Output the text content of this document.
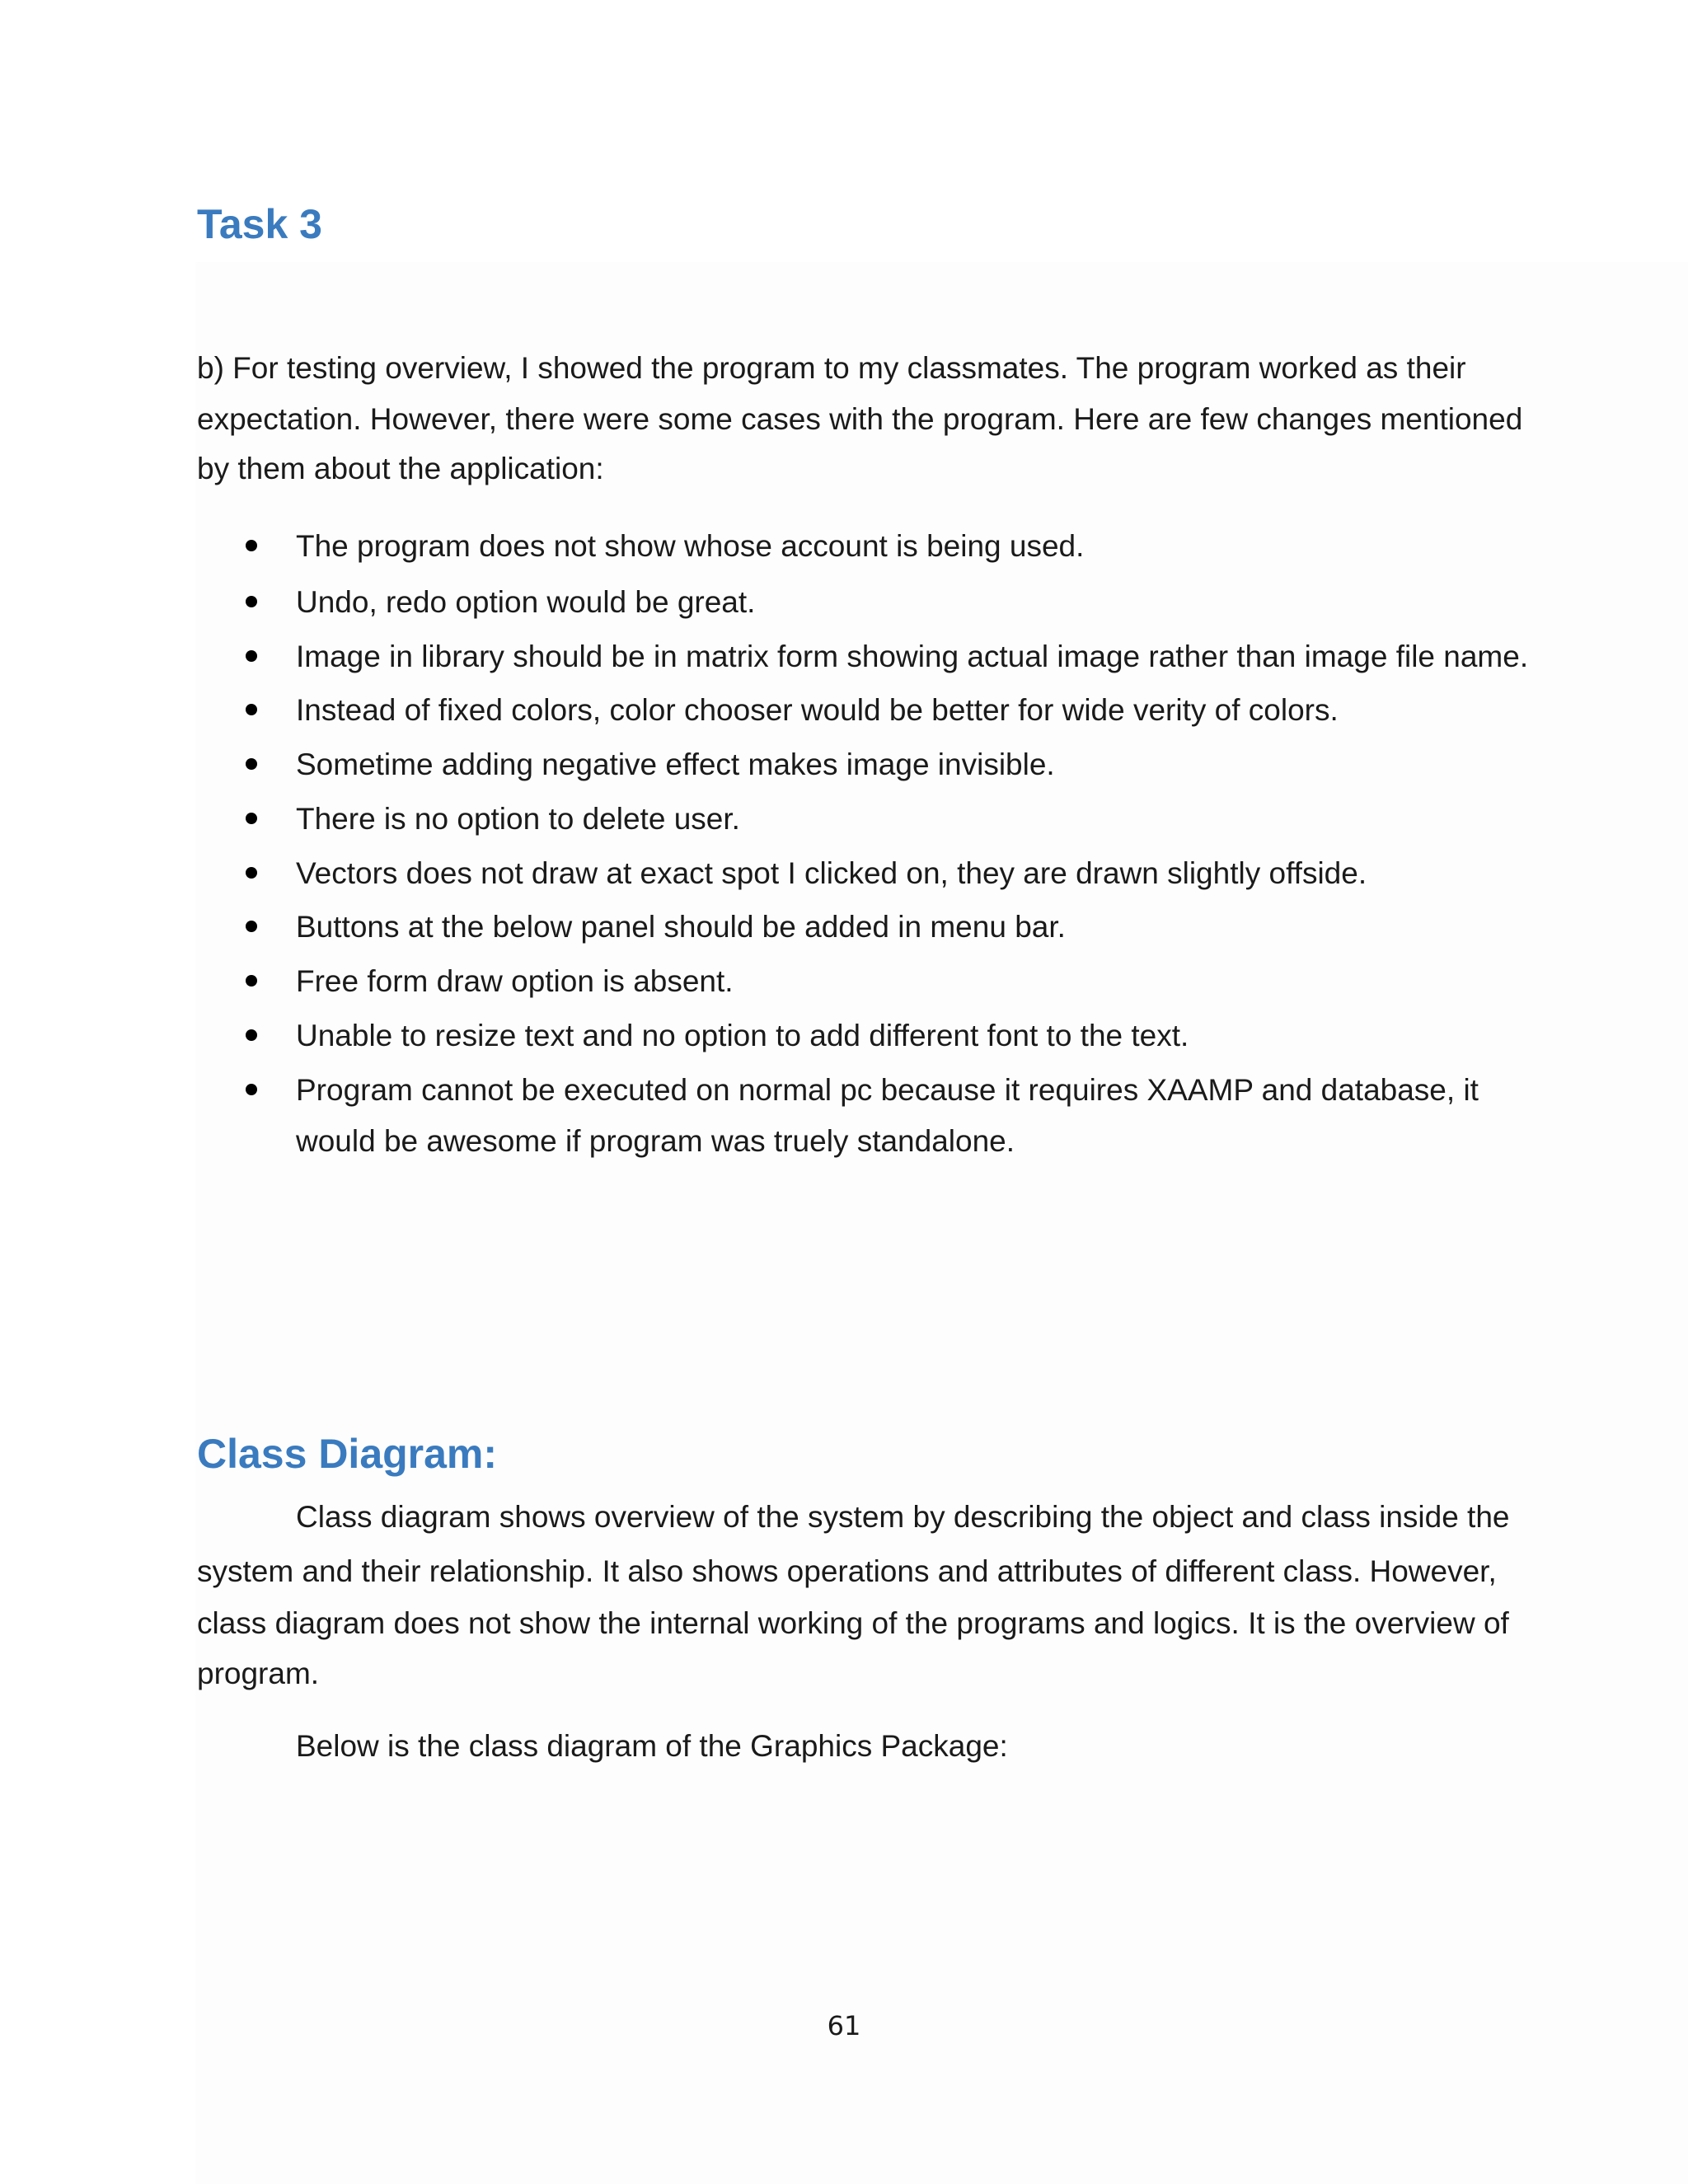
Task 3

b) For testing overview, I showed the program to my classmates. The program worked as their

expectation. However, there were some cases with the program. Here are few changes mentioned

by them about the application:

The program does not show whose account is being used.
Undo, redo option would be great.
Image in library should be in matrix form showing actual image rather than image file name.
Instead of fixed colors, color chooser would be better for wide verity of colors.
Sometime adding negative effect makes image invisible.
There is no option to delete user.
Vectors does not draw at exact spot I clicked on, they are drawn slightly offside.
Buttons at the below panel should be added in menu bar.
Free form draw option is absent.
Unable to resize text and no option to add different font to the text.
Program cannot be executed on normal pc because it requires XAAMP and database, it
would be awesome if program was truely standalone.
Class Diagram:

Class diagram shows overview of the system by describing the object and class inside the

system and their relationship. It also shows operations and attributes of different class. However,

class diagram does not show the internal working of the programs and logics. It is the overview of

program.

Below is the class diagram of the Graphics Package:

61
